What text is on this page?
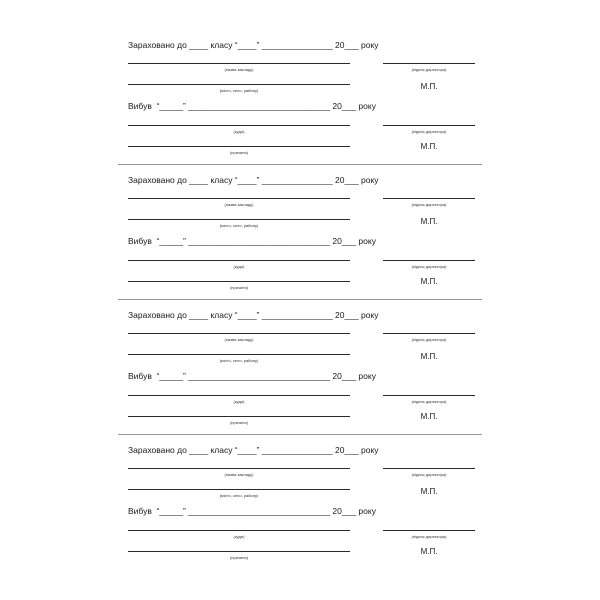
Зараховано до ____ класу “____” _______________ 20___ року
(назва закладу)	(підпис директора)
(місто, село, району)	М.П.
Вибув  “_____” ______________________________ 20___ року
(куди)	(підпис директора)
(причини)
М.П.
Зараховано до ____ класу “____” _______________ 20___ року
(назва закладу)	(підпис директора)
(місто, село, району)	М.П.
Вибув  “_____” ______________________________ 20___ року
(куди)	(підпис директора)
(причини)
М.П.
Зараховано до ____ класу “____” _______________ 20___ року
(назва закладу)	(підпис директора)
(місто, село, району)	М.П.
Вибув  “_____” ______________________________ 20___ року
(куди)	(підпис директора)
(причини)
М.П.
Зараховано до ____ класу “____” _______________ 20___ року
(назва закладу)	(підпис директора)
(місто, село, району)	М.П.
Вибув  “_____” ______________________________ 20___ року
(куди)	(підпис директора)
(причини)
М.П.
